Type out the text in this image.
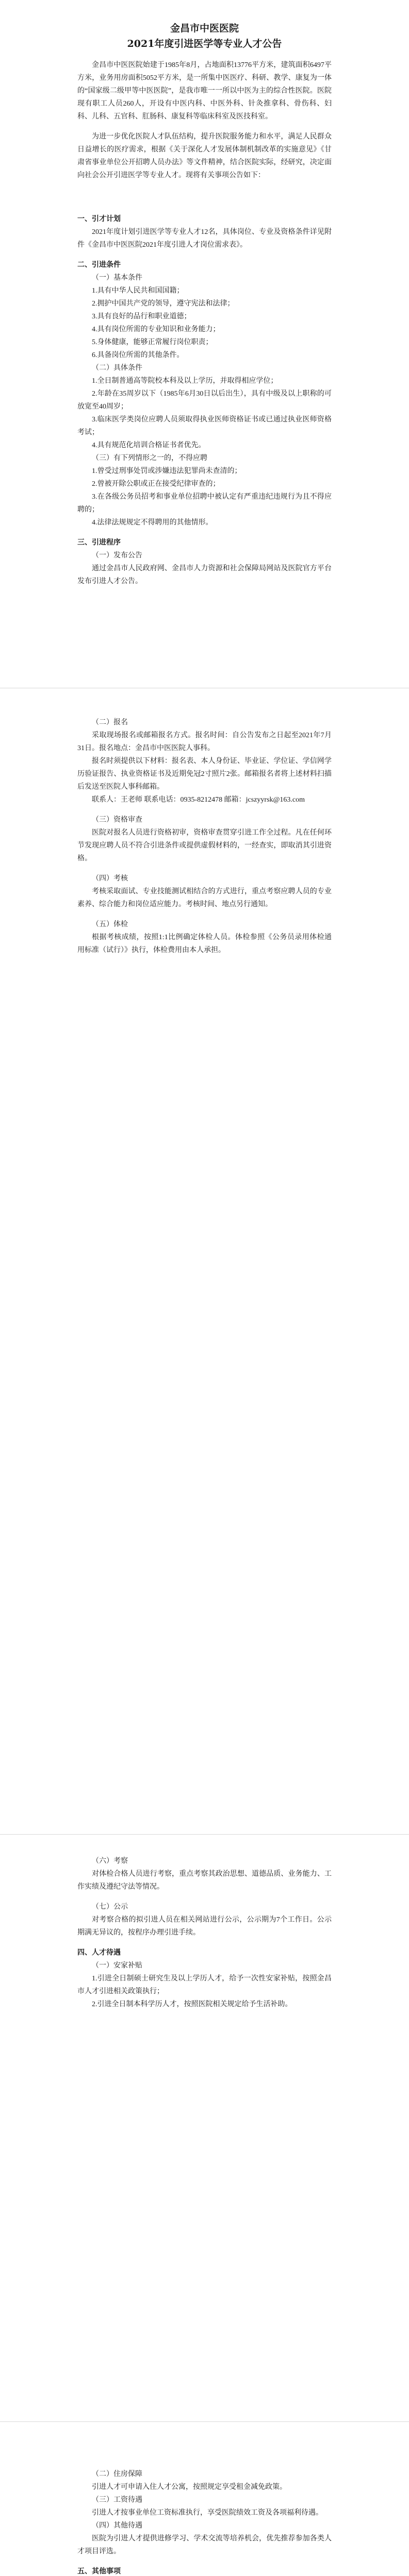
金昌市中医医院

2021年度引进医学等专业人才公告

金昌市中医医院始建于1985年8月，占地面积13776平方米，建筑面积6497平方米，业务用房面积5052平方米，是一所集中医医疗、科研、教学、康复为一体的“国家级二级甲等中医医院”，是我市唯一一所以中医为主的综合性医院。医院现有职工人员260人，开设有中医内科、中医外科、针灸推拿科、骨伤科、妇科、儿科、五官科、肛肠科、康复科等临床科室及医技科室。

为进一步优化医院人才队伍结构，提升医院服务能力和水平，满足人民群众日益增长的医疗需求，根据《关于深化人才发展体制机制改革的实施意见》《甘肃省事业单位公开招聘人员办法》等文件精神，结合医院实际，经研究，决定面向社会公开引进医学等专业人才。现将有关事项公告如下：

一、引才计划

2021年度计划引进医学等专业人才12名，具体岗位、专业及资格条件详见附件《金昌市中医医院2021年度引进人才岗位需求表》。

二、引进条件

（一）基本条件

1.具有中华人民共和国国籍；

2.拥护中国共产党的领导，遵守宪法和法律；

3.具有良好的品行和职业道德；

4.具有岗位所需的专业知识和业务能力；

5.身体健康，能够正常履行岗位职责；

6.具备岗位所需的其他条件。

（二）具体条件

1.全日制普通高等院校本科及以上学历，并取得相应学位；

2.年龄在35周岁以下（1985年6月30日以后出生），具有中级及以上职称的可放宽至40周岁；

3.临床医学类岗位应聘人员须取得执业医师资格证书或已通过执业医师资格考试；

4.具有规范化培训合格证书者优先。

（三）有下列情形之一的，不得应聘

1.曾受过刑事处罚或涉嫌违法犯罪尚未查清的；

2.曾被开除公职或正在接受纪律审查的；

3.在各级公务员招考和事业单位招聘中被认定有严重违纪违规行为且不得应聘的；

4.法律法规规定不得聘用的其他情形。

三、引进程序

（一）发布公告

通过金昌市人民政府网、金昌市人力资源和社会保障局网站及医院官方平台发布引进人才公告。

（二）报名

采取现场报名或邮箱报名方式。报名时间：自公告发布之日起至2021年7月31日。报名地点：金昌市中医医院人事科。

报名时须提供以下材料：报名表、本人身份证、毕业证、学位证、学信网学历验证报告、执业资格证书及近期免冠2寸照片2张。邮箱报名者将上述材料扫描后发送至医院人事科邮箱。

联系人：王老师 联系电话：0935-8212478 邮箱：jcszyyrsk@163.com

（三）资格审查

医院对报名人员进行资格初审，资格审查贯穿引进工作全过程。凡在任何环节发现应聘人员不符合引进条件或提供虚假材料的，一经查实，即取消其引进资格。

（四）考核

考核采取面试、专业技能测试相结合的方式进行，重点考察应聘人员的专业素养、综合能力和岗位适应能力。考核时间、地点另行通知。

（五）体检

根据考核成绩，按照1:1比例确定体检人员。体检参照《公务员录用体检通用标准（试行）》执行，体检费用由本人承担。

（六）考察

对体检合格人员进行考察，重点考察其政治思想、道德品质、业务能力、工作实绩及遵纪守法等情况。

（七）公示

对考察合格的拟引进人员在相关网站进行公示，公示期为7个工作日。公示期满无异议的，按程序办理引进手续。

四、人才待遇

（一）安家补贴

1.引进全日制硕士研究生及以上学历人才，给予一次性安家补贴，按照金昌市人才引进相关政策执行；

2.引进全日制本科学历人才，按照医院相关规定给予生活补助。

（二）住房保障

引进人才可申请入住人才公寓，按照规定享受租金减免政策。

（三）工资待遇

引进人才按事业单位工资标准执行，享受医院绩效工资及各项福利待遇。

（四）其他待遇

医院为引进人才提供进修学习、学术交流等培养机会，优先推荐参加各类人才项目评选。

五、其他事项
